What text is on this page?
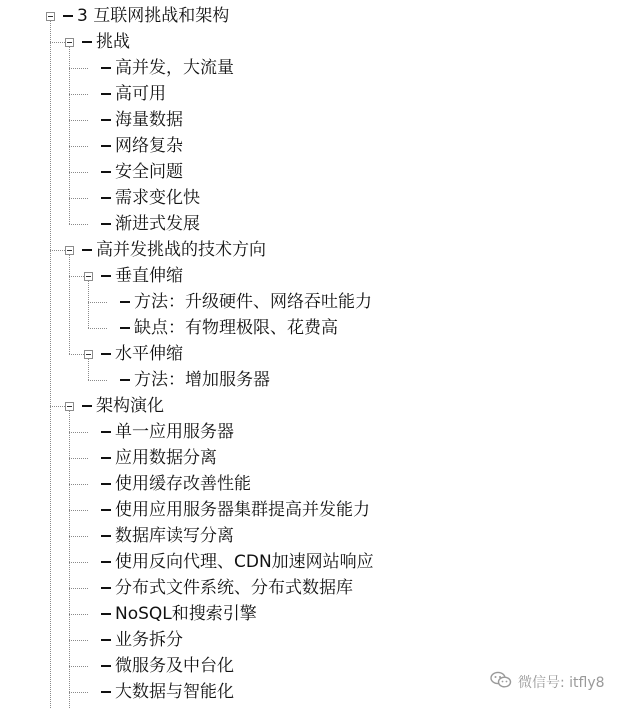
3 互联网挑战和架构
挑战
高并发，大流量
高可用
海量数据
网络复杂
安全问题
需求变化快
渐进式发展
高并发挑战的技术方向
垂直伸缩
方法：升级硬件、网络吞吐能力
缺点：有物理极限、花费高
水平伸缩
方法：增加服务器
架构演化
单一应用服务器
应用数据分离
使用缓存改善性能
使用应用服务器集群提高并发能力
数据库读写分离
使用反向代理、CDN加速网站响应
分布式文件系统、分布式数据库
NoSQL和搜索引擎
业务拆分
微服务及中台化
大数据与智能化	微信号: itfly8
